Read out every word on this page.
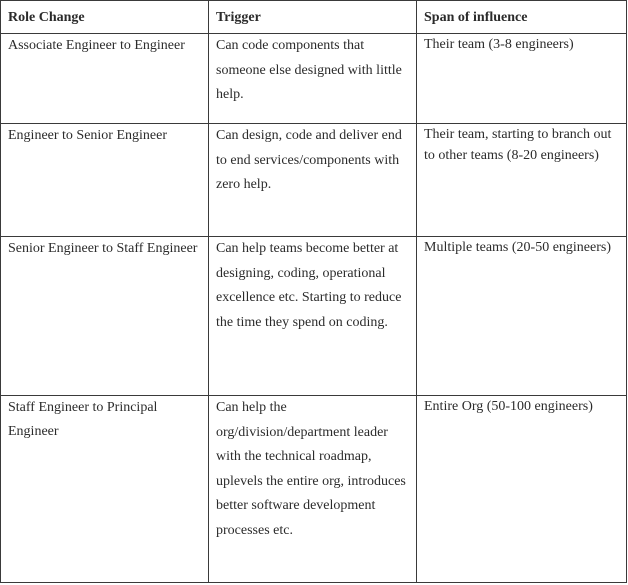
Role Change	Trigger	Span of influence
Associate Engineer to Engineer	Can code components that someone else designed with little help.	Their team (3-8 engineers)
Engineer to Senior Engineer	Can design, code and deliver end to end services/components with zero help.	Their team, starting to branch out to other teams (8-20 engineers)
Senior Engineer to Staff Engineer	Can help teams become better at designing, coding, operational excellence etc. Starting to reduce the time they spend on coding.	Multiple teams (20-50 engineers)
Staff Engineer to Principal Engineer	Can help the org/division/department leader with the technical roadmap, uplevels the entire org, introduces better software development processes etc.	Entire Org (50-100 engineers)
